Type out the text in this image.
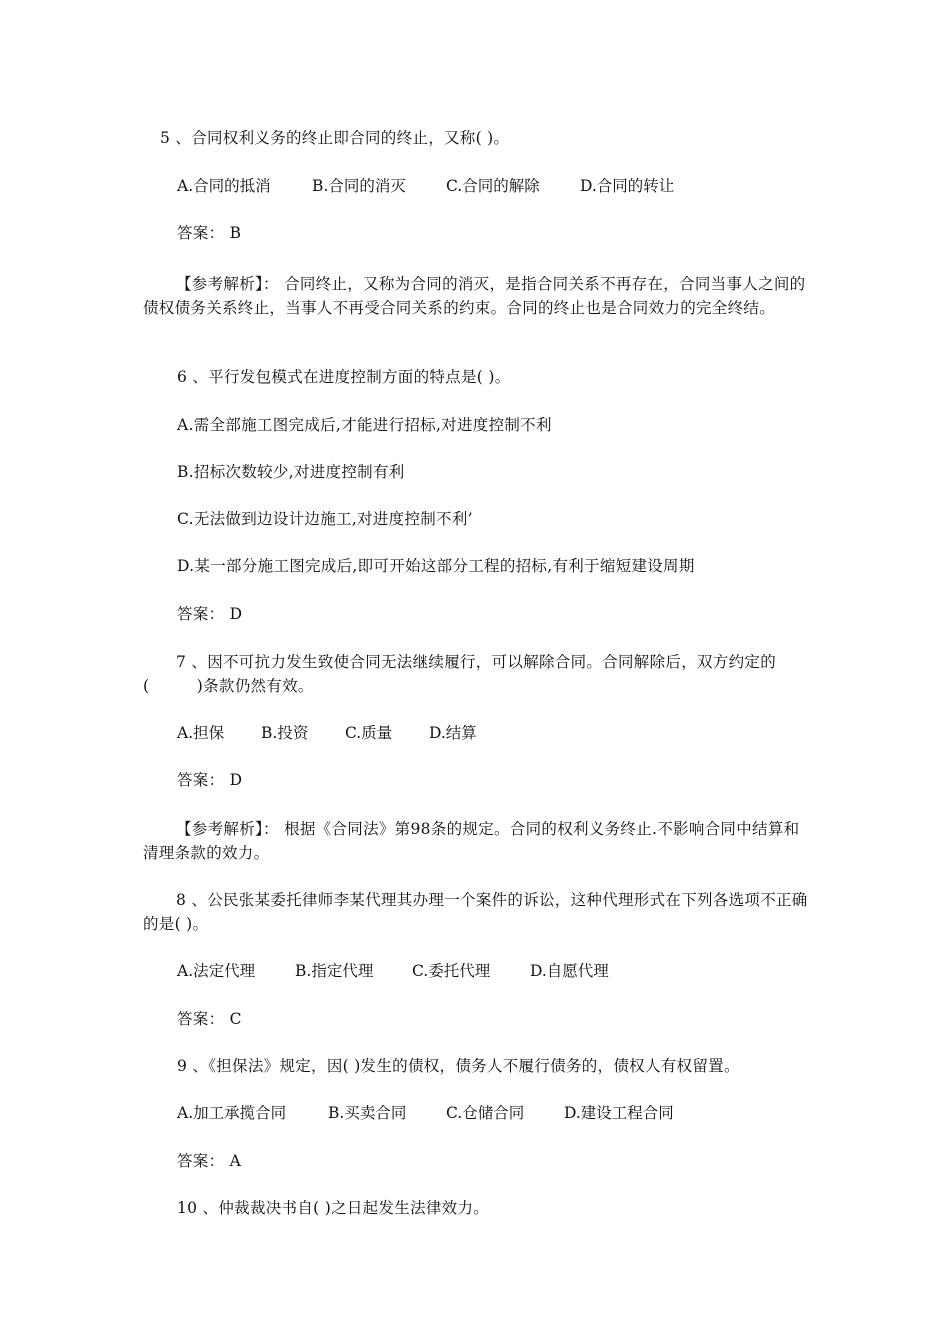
5 、合同权利义务的终止即合同的终止，又称( )。
A.合同的抵消	B.合同的消灭	C.合同的解除	D.合同的转让
答案： B
【参考解析】： 合同终止，又称为合同的消灭，是指合同关系不再存在，合同当事人之间的债权债务关系终止，当事人不再受合同关系的约束。合同的终止也是合同效力的完全终结。
6 、平行发包模式在进度控制方面的特点是( )。
A.需全部施工图完成后,才能进行招标,对进度控制不利
B.招标次数较少,对进度控制有利
C.无法做到边设计边施工,对进度控制不利’
D.某一部分施工图完成后,即可开始这部分工程的招标,有利于缩短建设周期
答案： D
7 、因不可抗力发生致使合同无法继续履行，可以解除合同。合同解除后，双方约定的(　　　)条款仍然有效。
A.担保 B.投资 C.质量 D.结算
答案： D
【参考解析】： 根据《合同法》第98条的规定。合同的权利义务终止.不影响合同中结算和清理条款的效力。
8 、公民张某委托律师李某代理其办理一个案件的诉讼，这种代理形式在下列各选项不正确的是( )。
A.法定代理	B.指定代理 C.委托代理	D.自愿代理
答案： C
9 、《担保法》规定，因( )发生的债权，债务人不履行债务的，债权人有权留置。
A.加工承揽合同	B.买卖合同	C.仓储合同	D.建设工程合同
答案： A
10 、仲裁裁决书自( )之日起发生法律效力。
